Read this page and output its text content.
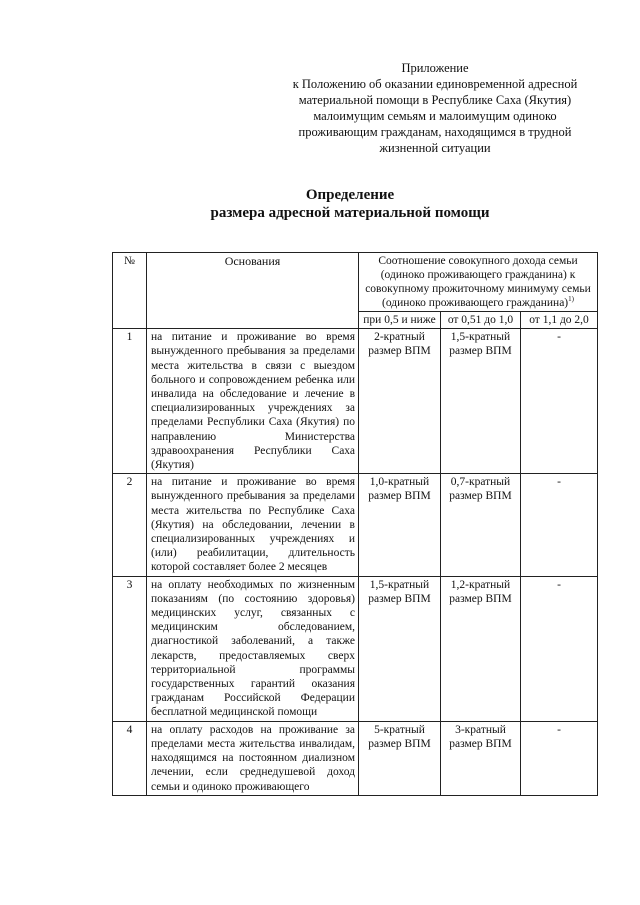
Приложение
к Положению об оказании единовременной адресной
материальной помощи в Республике Саха (Якутия)
малоимущим семьям и малоимущим одиноко
проживающим гражданам, находящимся в трудной
жизненной ситуации
Определение
размера адресной материальной помощи
№	Основания	Соотношение совокупного дохода семьи (одиноко проживающего гражданина) к совокупному прожиточному минимуму семьи (одиноко проживающего гражданина)$^{1)}$
		при 0,5 и ниже	от 0,51 до 1,0	от 1,1 до 2,0
1	на питание и проживание во время вынужденного пребывания за пределами места жительства в связи с выездом больного и сопровождением ребенка или инвалида на обследование и лечение в специализированных учреждениях за пределами Республики Саха (Якутия) по направлению Министерства здравоохранения Республики Саха (Якутия)	2-кратный размер ВПМ	1,5-кратный размер ВПМ	-
2	на питание и проживание во время вынужденного пребывания за пределами места жительства по Республике Саха (Якутия) на обследовании, лечении в специализированных учреждениях и (или) реабилитации, длительность которой составляет более 2 месяцев	1,0-кратный размер ВПМ	0,7-кратный размер ВПМ	-
3	на оплату необходимых по жизненным показаниям (по состоянию здоровья) медицинских услуг, связанных с медицинским обследованием, диагностикой заболеваний, а также лекарств, предоставляемых сверх территориальной программы государственных гарантий оказания гражданам Российской Федерации бесплатной медицинской помощи	1,5-кратный размер ВПМ	1,2-кратный размер ВПМ	-
4	на оплату расходов на проживание за пределами места жительства инвалидам, находящимся на постоянном диализном лечении, если среднедушевой доход семьи и одиноко проживающего	5-кратный размер ВПМ	3-кратный размер ВПМ	-
